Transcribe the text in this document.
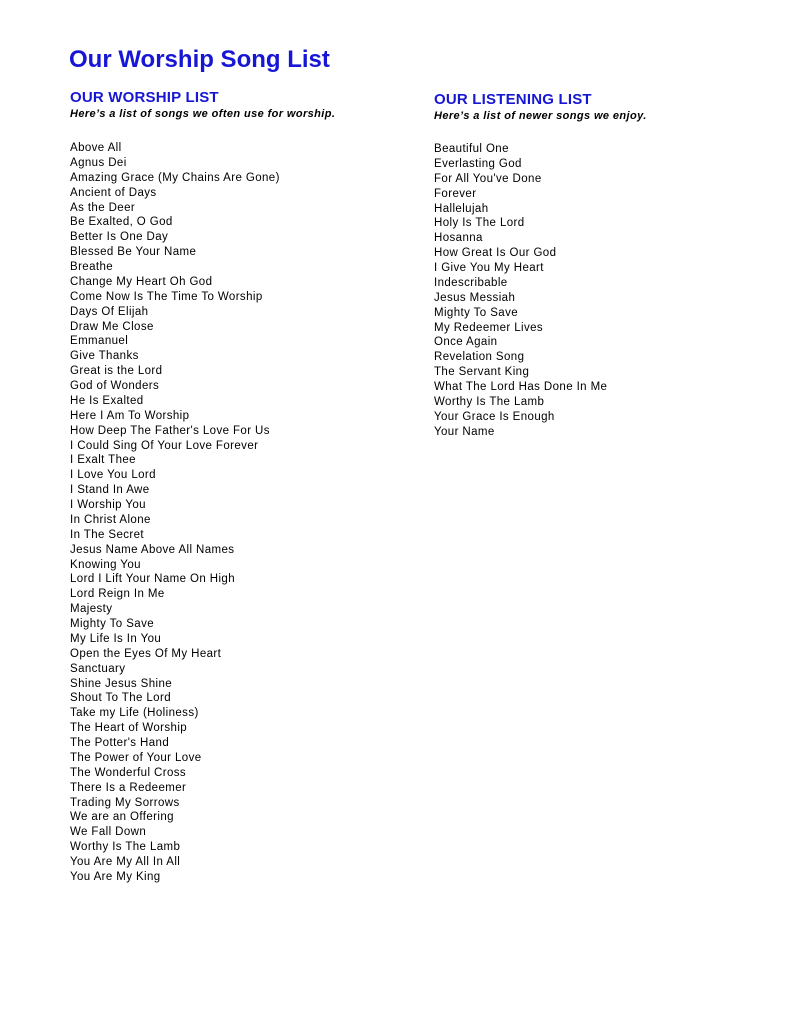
Our Worship Song List
OUR WORSHIP LIST

Here’s a list of songs we often use for worship.

Above All
Agnus Dei
Amazing Grace (My Chains Are Gone)
Ancient of Days
As the Deer
Be Exalted, O God
Better Is One Day
Blessed Be Your Name
Breathe
Change My Heart Oh God
Come Now Is The Time To Worship
Days Of Elijah
Draw Me Close
Emmanuel
Give Thanks
Great is the Lord
God of Wonders
He Is Exalted
Here I Am To Worship
How Deep The Father's Love For Us
I Could Sing Of Your Love Forever
I Exalt Thee
I Love You Lord
I Stand In Awe
I Worship You
In Christ Alone
In The Secret
Jesus Name Above All Names
Knowing You
Lord I Lift Your Name On High
Lord Reign In Me
Majesty
Mighty To Save
My Life Is In You
Open the Eyes Of My Heart
Sanctuary
Shine Jesus Shine
Shout To The Lord
Take my Life (Holiness)
The Heart of Worship
The Potter's Hand
The Power of Your Love
The Wonderful Cross
There Is a Redeemer
Trading My Sorrows
We are an Offering
We Fall Down
Worthy Is The Lamb
You Are My All In All
You Are My King
OUR LISTENING LIST

Here’s a list of newer songs we enjoy.

Beautiful One
Everlasting God
For All You've Done
Forever
Hallelujah
Holy Is The Lord
Hosanna
How Great Is Our God
I Give You My Heart
Indescribable
Jesus Messiah
Mighty To Save
My Redeemer Lives
Once Again
Revelation Song
The Servant King
What The Lord Has Done In Me
Worthy Is The Lamb
Your Grace Is Enough
Your Name
